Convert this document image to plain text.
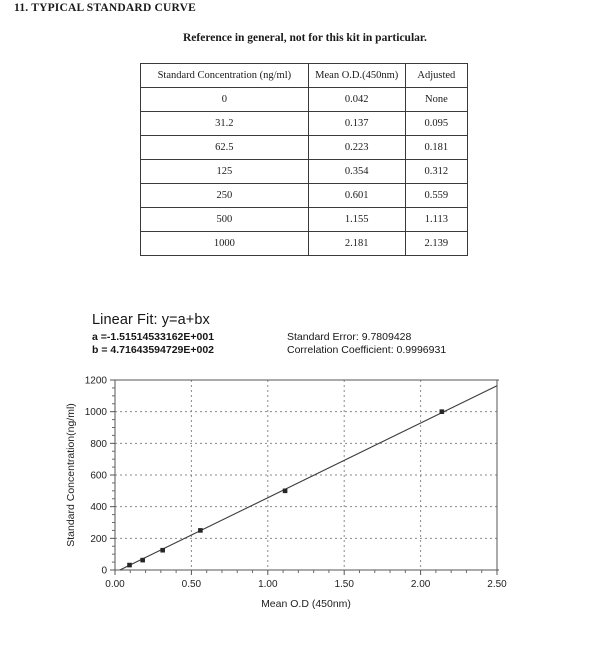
11. TYPICAL STANDARD CURVE
Reference in general, not for this kit in particular.
Standard Concentration (ng/ml)	Mean O.D.(450nm)	Adjusted
0	0.042	None
31.2	0.137	0.095
62.5	0.223	0.181
125	0.354	0.312
250	0.601	0.559
500	1.155	1.113
1000	2.181	2.139
Linear Fit: y=a+bx
a =-1.51514533162E+001	Standard Error: 9.7809428
b = 4.71643594729E+002	Correlation Coefficient: 0.9996931
0
200
400
600
800
1000
1200
0.00	0.50	1.00	1.50	2.00	2.50
Mean O.D (450nm)
Standard Concentration(ng/ml)
